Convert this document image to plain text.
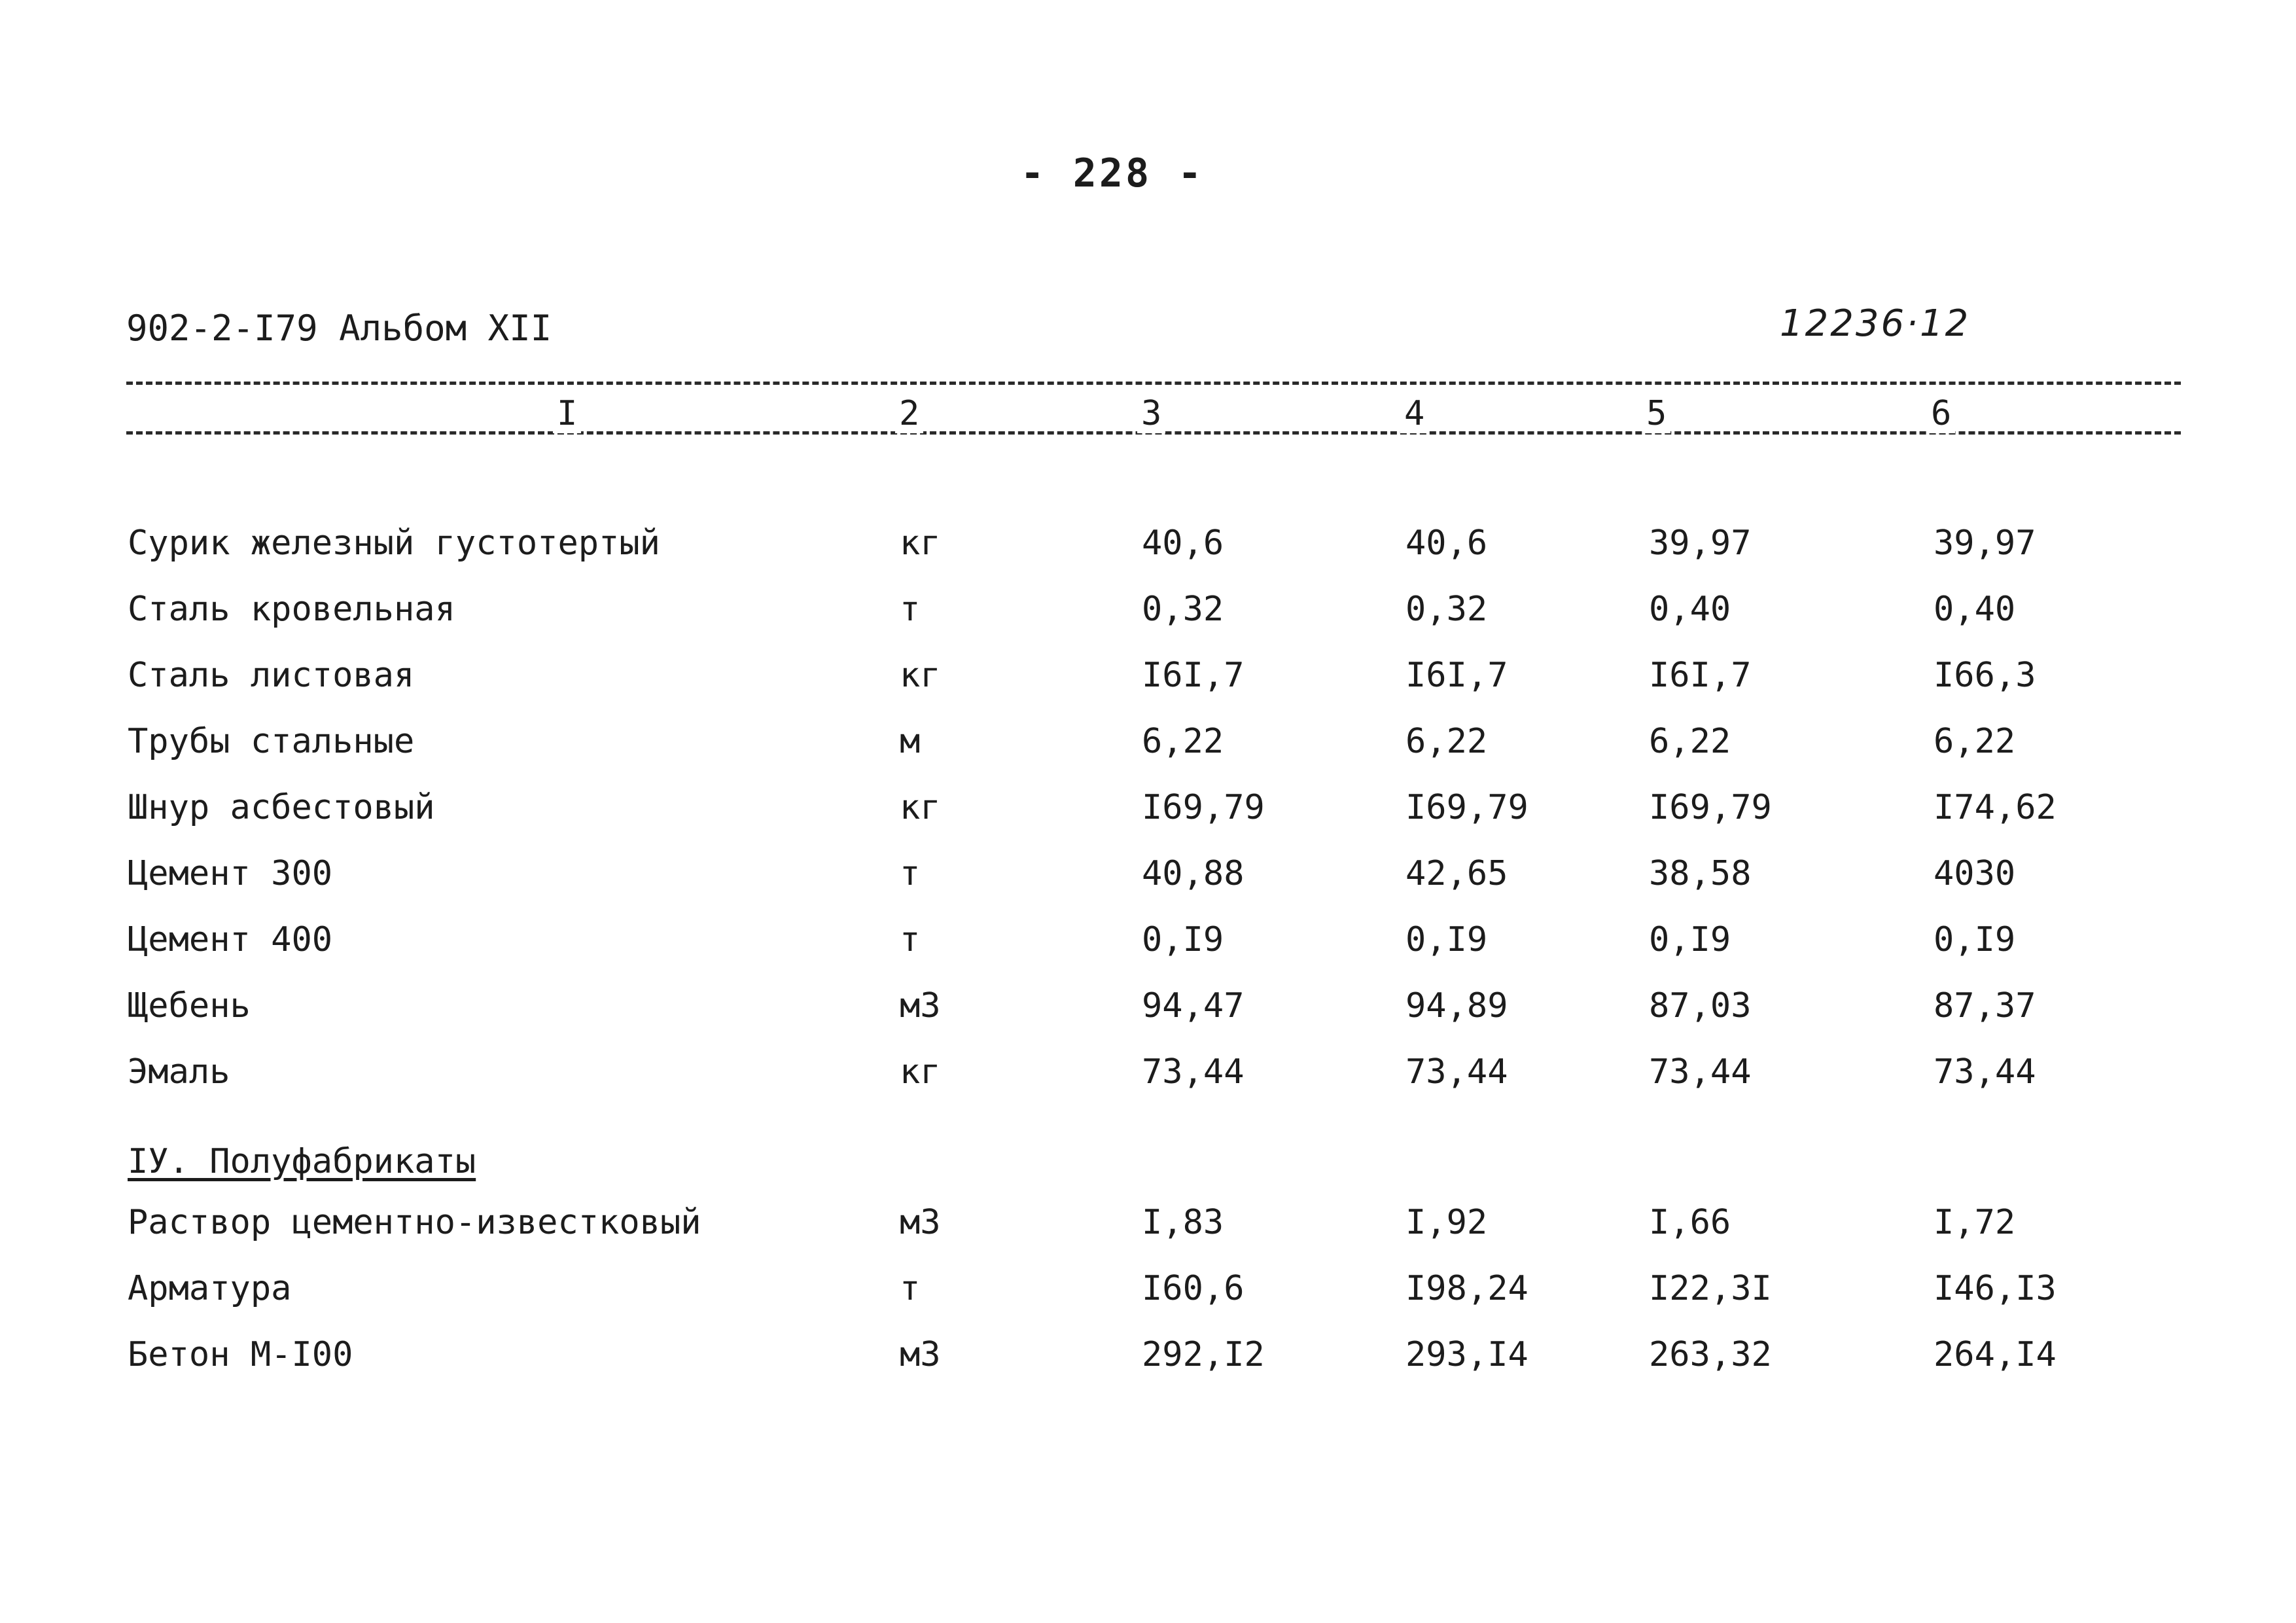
- 228 -
902-2-I79 Альбом XII	12236·12
I	2	3	4	5	6
Сурик железный густотертый	кг	40,6	40,6	39,97	39,97
Сталь кровельная	т	0,32	0,32	0,40	0,40
Сталь листовая	кг	I6I,7	I6I,7	I6I,7	I66,3
Трубы стальные	м	6,22	6,22	6,22	6,22
Шнур асбестовый	кг	I69,79	I69,79	I69,79	I74,62
Цемент 300	т	40,88	42,65	38,58	4030
Цемент 400	т	0,I9	0,I9	0,I9	0,I9
Щебень	м3	94,47	94,89	87,03	87,37
Эмаль	кг	73,44	73,44	73,44	73,44
IУ. Полуфабрикаты
Раствор цементно-известковый	м3	I,83	I,92	I,66	I,72
Арматура	т	I60,6	I98,24	I22,3I	I46,I3
Бетон М-I00	м3	292,I2	293,I4	263,32	264,I4
